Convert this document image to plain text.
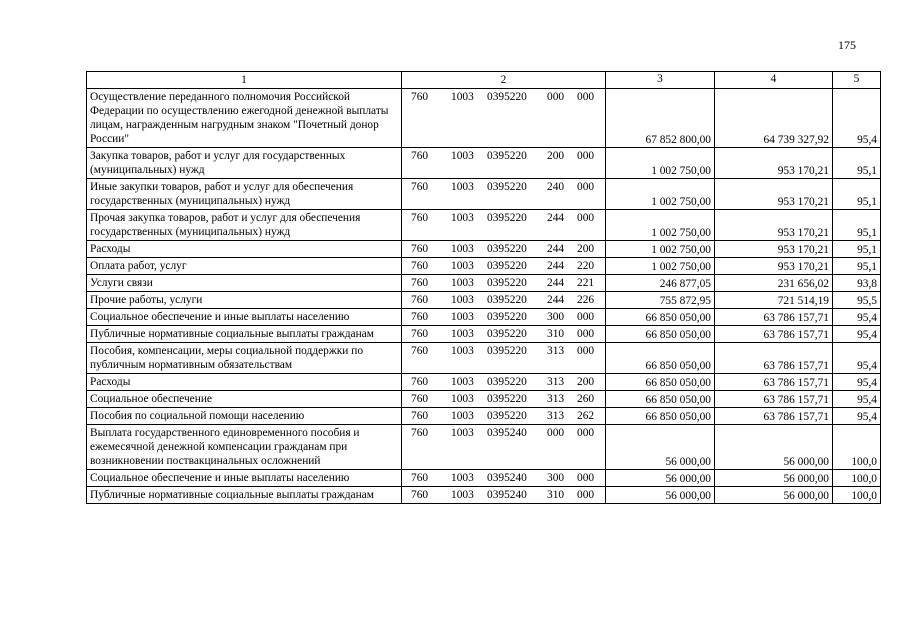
175
1	2	3	4	5
Осуществление переданного полномочия Российской Федерации по осуществлению ежегодной денежной выплаты лицам, награжденным нагрудным знаком "Почетный донор России"	760 1003 0395220 000 000	67 852 800,00	64 739 327,92	95,4
Закупка товаров, работ и услуг для государственных (муниципальных) нужд	760 1003 0395220 200 000	1 002 750,00	953 170,21	95,1
Иные закупки товаров, работ и услуг для обеспечения государственных (муниципальных) нужд	760 1003 0395220 240 000	1 002 750,00	953 170,21	95,1
Прочая закупка товаров, работ и услуг для обеспечения государственных (муниципальных) нужд	760 1003 0395220 244 000	1 002 750,00	953 170,21	95,1
Расходы	760 1003 0395220 244 200	1 002 750,00	953 170,21	95,1
Оплата работ, услуг	760 1003 0395220 244 220	1 002 750,00	953 170,21	95,1
Услуги связи	760 1003 0395220 244 221	246 877,05	231 656,02	93,8
Прочие работы, услуги	760 1003 0395220 244 226	755 872,95	721 514,19	95,5
Социальное обеспечение и иные выплаты населению	760 1003 0395220 300 000	66 850 050,00	63 786 157,71	95,4
Публичные нормативные социальные выплаты гражданам	760 1003 0395220 310 000	66 850 050,00	63 786 157,71	95,4
Пособия, компенсации, меры социальной поддержки по публичным нормативным обязательствам	760 1003 0395220 313 000	66 850 050,00	63 786 157,71	95,4
Расходы	760 1003 0395220 313 200	66 850 050,00	63 786 157,71	95,4
Социальное обеспечение	760 1003 0395220 313 260	66 850 050,00	63 786 157,71	95,4
Пособия по социальной помощи населению	760 1003 0395220 313 262	66 850 050,00	63 786 157,71	95,4
Выплата государственного единовременного пособия и ежемесячной денежной компенсации гражданам при возникновении поствакцинальных осложнений	760 1003 0395240 000 000	56 000,00	56 000,00	100,0
Социальное обеспечение и иные выплаты населению	760 1003 0395240 300 000	56 000,00	56 000,00	100,0
Публичные нормативные социальные выплаты гражданам	760 1003 0395240 310 000	56 000,00	56 000,00	100,0
